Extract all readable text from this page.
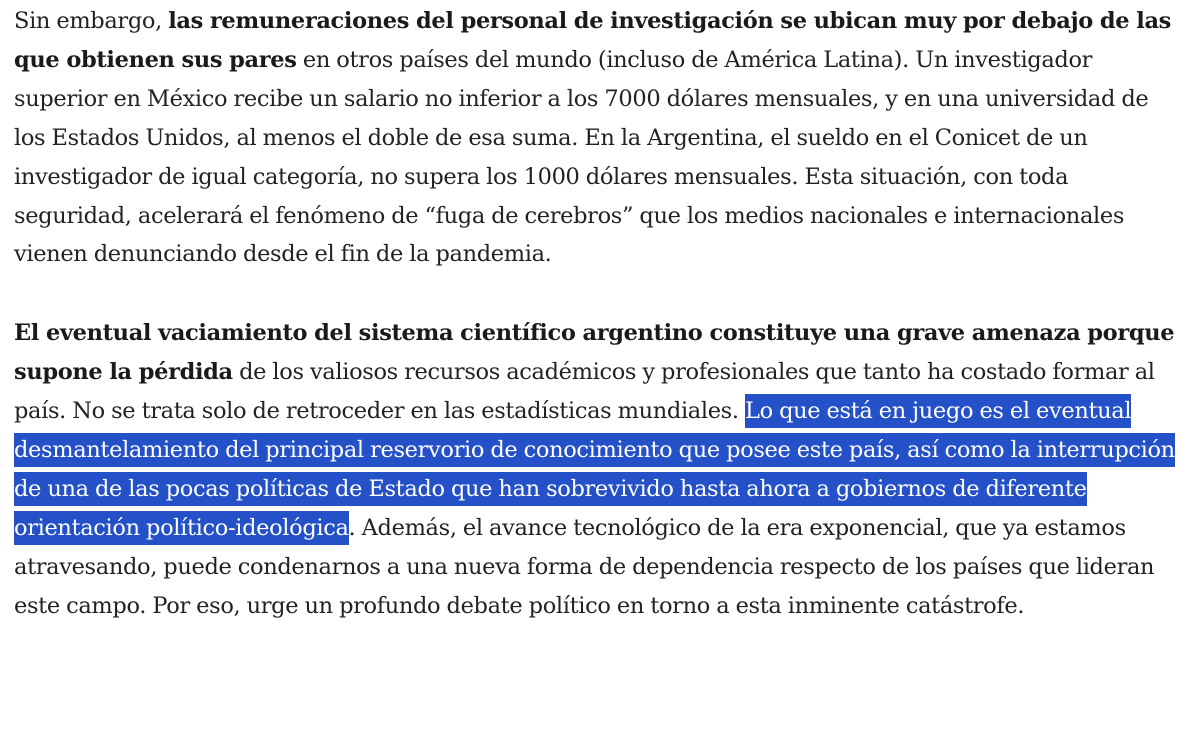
Sin embargo, las remuneraciones del personal de investigación se ubican muy por debajo de las que obtienen sus pares en otros países del mundo (incluso de América Latina). Un investigador superior en México recibe un salario no inferior a los 7000 dólares mensuales, y en una universidad de los Estados Unidos, al menos el doble de esa suma. En la Argentina, el sueldo en el Conicet de un investigador de igual categoría, no supera los 1000 dólares mensuales. Esta situación, con toda seguridad, acelerará el fenómeno de “fuga de cerebros” que los medios nacionales e internacionales vienen denunciando desde el fin de la pandemia.

El eventual vaciamiento del sistema científico argentino constituye una grave amenaza porque supone la pérdida de los valiosos recursos académicos y profesionales que tanto ha costado formar al país. No se trata solo de retroceder en las estadísticas mundiales. Lo que está en juego es el eventual desmantelamiento del principal reservorio de conocimiento que posee este país, así como la interrupción de una de las pocas políticas de Estado que han sobrevivido hasta ahora a gobiernos de diferente orientación político-ideológica. Además, el avance tecnológico de la era exponencial, que ya estamos atravesando, puede condenarnos a una nueva forma de dependencia respecto de los países que lideran este campo. Por eso, urge un profundo debate político en torno a esta inminente catástrofe.
